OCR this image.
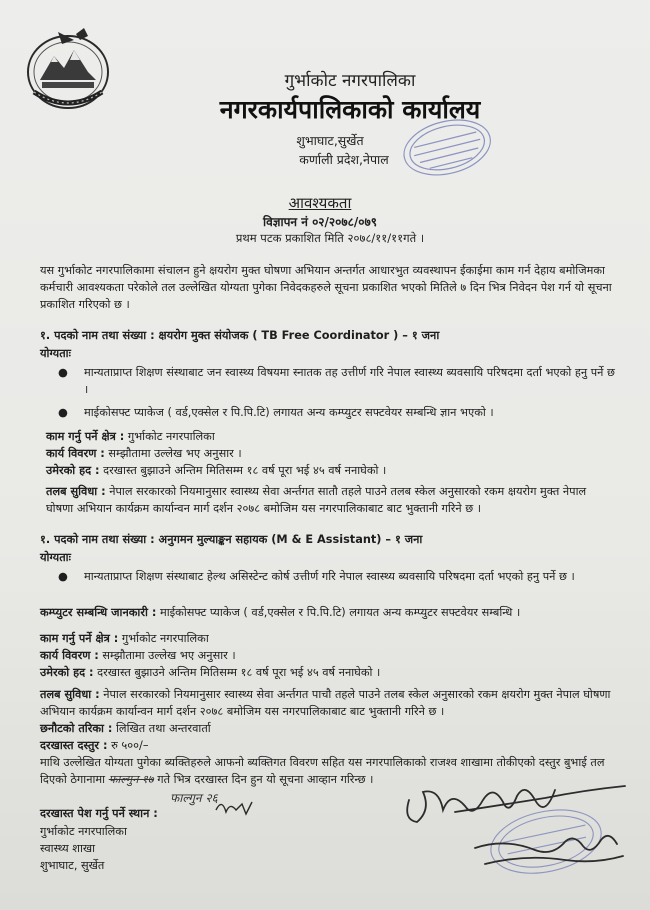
गुर्भाकोट नगरपालिका
नगरकार्यपालिकाको कार्यालय
शुभाघाट,सुर्खेत
कर्णाली प्रदेश,नेपाल
आवश्यकता
विज्ञापन नं ०२/२०७८/०७९
प्रथम पटक प्रकाशित मिति २०७८/११/११गते ।
यस गुर्भाकोट नगरपालिकामा संचालन हुने क्षयरोग मुक्त घोषणा अभियान अन्तर्गत आधारभुत व्यवस्थापन ईकाईमा काम गर्न देहाय बमोजिमका कर्मचारी आवश्यकता परेकोले तल उल्लेखित योग्यता पुगेका निवेदकहरुले सूचना प्रकाशित भएको मितिले ७ दिन भित्र निवेदन पेश गर्न यो सूचना प्रकाशित गरिएको छ ।
१. पदको नाम तथा संख्या : क्षयरोग मुक्त संयोजक ( TB Free Coordinator ) – १ जना
योग्यताः
●	मान्यताप्राप्त शिक्षण संस्थाबाट जन स्वास्थ्य विषयमा स्नातक तह उत्तीर्ण गरि नेपाल स्वास्थ्य ब्यवसायि परिषदमा दर्ता भएको हनु पर्ने छ ।
●	माईकोसफ्ट प्याकेज ( वर्ड,एक्सेल र पि.पि.टि) लगायत अन्य कम्प्युटर सफ्टवेयर सम्बन्धि ज्ञान भएको ।
काम गर्नु पर्ने क्षेत्र : गुर्भाकोट नगरपालिका
कार्य विवरण : सम्झौतामा उल्लेख भए अनुसार ।
उमेरको हद : दरखास्त बुझाउने अन्तिम मितिसम्म १८ वर्ष पूरा भई ४५ वर्ष ननाघेको ।
तलब सुविधा : नेपाल सरकारको नियमानुसार स्वास्थ्य सेवा अर्न्तगत सातौ तहले पाउने तलब स्केल अनुसारको रकम क्षयरोग मुक्त नेपाल घोषणा अभियान कार्यक्रम कार्यान्वन मार्ग दर्शन २०७८ बमोजिम यस नगरपालिकाबाट बाट भुक्तानी गरिने छ ।
१. पदको नाम तथा संख्या : अनुगमन मुल्याङ्कन सहायक (M & E Assistant) – १ जना
योग्यताः
●	मान्यताप्राप्त शिक्षण संस्थाबाट हेल्थ असिस्टेन्ट कोर्ष उत्तीर्ण गरि नेपाल स्वास्थ्य ब्यवसायि परिषदमा दर्ता भएको हनु पर्ने छ ।
कम्प्युटर सम्बन्धि जानकारी : माईकोसफ्ट प्याकेज ( वर्ड,एक्सेल र पि.पि.टि) लगायत अन्य कम्प्युटर सफ्टवेयर सम्बन्धि ।
काम गर्नु पर्ने क्षेत्र : गुर्भाकोट नगरपालिका
कार्य विवरण : सम्झौतामा उल्लेख भए अनुसार ।
उमेरको हद : दरखास्त बुझाउने अन्तिम मितिसम्म १८ वर्ष पूरा भई ४५ वर्ष ननाघेको ।
तलब सुविधा : नेपाल सरकारको नियमानुसार स्वास्थ्य सेवा अर्न्तगत पाचौ तहले पाउने तलब स्केल अनुसारको रकम क्षयरोग मुक्त नेपाल घोषणा अभियान कार्यक्रम कार्यान्वन मार्ग दर्शन २०७८ बमोजिम यस नगरपालिकाबाट बाट भुक्तानी गरिने छ ।
छनौटको तरिका : लिखित तथा अन्तरवार्ता
दरखास्त दस्तुर : रु ५००/–
माथि उल्लेखित योग्यता पुगेका ब्यक्तिहरुले आफनो ब्यक्तिगत विवरण सहित यस नगरपालिकाको राजश्व शाखामा तोकीएको दस्तुर बुभाई तल दिएको ठेगानामा फाल्गुन १७ गते भित्र दरखास्त दिन हुन यो सूचना आव्हान गरिन्छ ।
फाल्गुन २६
दरखास्त पेश गर्नु पर्ने स्थान :
गुर्भाकोट नगरपालिका
स्वास्थ्य शाखा
शुभाघाट, सुर्खेत
